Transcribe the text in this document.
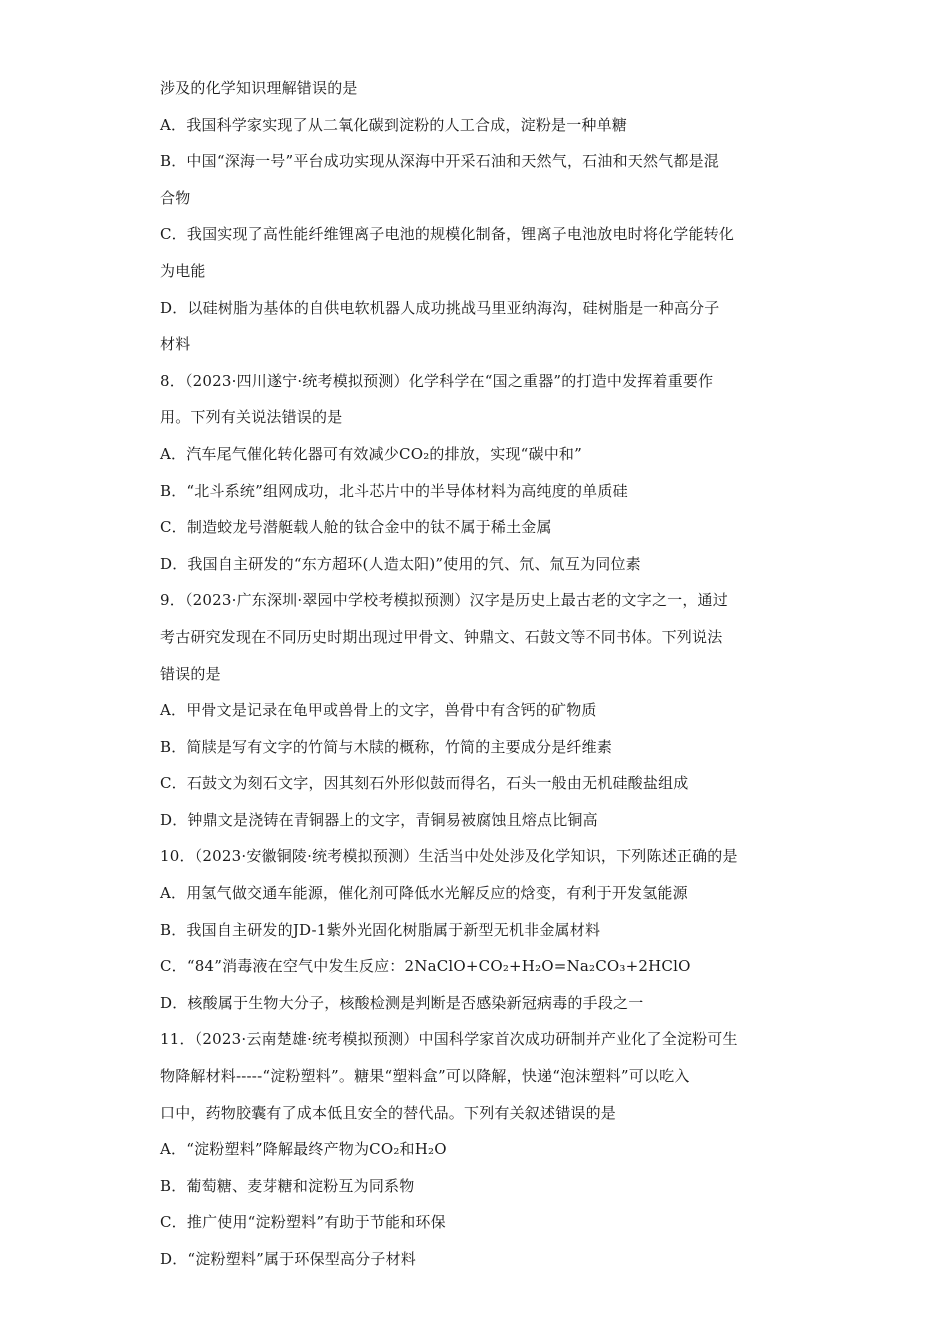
涉及的化学知识理解错误的是
A．我国科学家实现了从二氧化碳到淀粉的人工合成，淀粉是一种单糖
B．中国“深海一号”平台成功实现从深海中开采石油和天然气，石油和天然气都是混
合物
C．我国实现了高性能纤维锂离子电池的规模化制备，锂离子电池放电时将化学能转化
为电能
D．以硅树脂为基体的自供电软机器人成功挑战马里亚纳海沟，硅树脂是一种高分子
材料
8．（2023·四川遂宁·统考模拟预测）化学科学在“国之重器”的打造中发挥着重要作
用。下列有关说法错误的是
A．汽车尾气催化转化器可有效减少CO₂的排放，实现“碳中和”
B．“北斗系统”组网成功，北斗芯片中的半导体材料为高纯度的单质硅
C．制造蛟龙号潜艇载人舱的钛合金中的钛不属于稀土金属
D．我国自主研发的“东方超环(人造太阳)”使用的氕、氘、氚互为同位素
9．（2023·广东深圳·翠园中学校考模拟预测）汉字是历史上最古老的文字之一，通过
考古研究发现在不同历史时期出现过甲骨文、钟鼎文、石鼓文等不同书体。下列说法
错误的是
A．甲骨文是记录在龟甲或兽骨上的文字，兽骨中有含钙的矿物质
B．简牍是写有文字的竹简与木牍的概称，竹简的主要成分是纤维素
C．石鼓文为刻石文字，因其刻石外形似鼓而得名，石头一般由无机硅酸盐组成
D．钟鼎文是浇铸在青铜器上的文字，青铜易被腐蚀且熔点比铜高
10．（2023·安徽铜陵·统考模拟预测）生活当中处处涉及化学知识，下列陈述正确的是
A．用氢气做交通车能源，催化剂可降低水光解反应的焓变，有利于开发氢能源
B．我国自主研发的JD-1紫外光固化树脂属于新型无机非金属材料
C．“84”消毒液在空气中发生反应：2NaClO+CO₂+H₂O=Na₂CO₃+2HClO
D．核酸属于生物大分子，核酸检测是判断是否感染新冠病毒的手段之一
11．（2023·云南楚雄·统考模拟预测）中国科学家首次成功研制并产业化了全淀粉可生
物降解材料-----“淀粉塑料”。糖果“塑料盒”可以降解，快递“泡沫塑料”可以吃入
口中，药物胶囊有了成本低且安全的替代品。下列有关叙述错误的是
A．“淀粉塑料”降解最终产物为CO₂和H₂O
B．葡萄糖、麦芽糖和淀粉互为同系物
C．推广使用“淀粉塑料”有助于节能和环保
D．“淀粉塑料”属于环保型高分子材料
